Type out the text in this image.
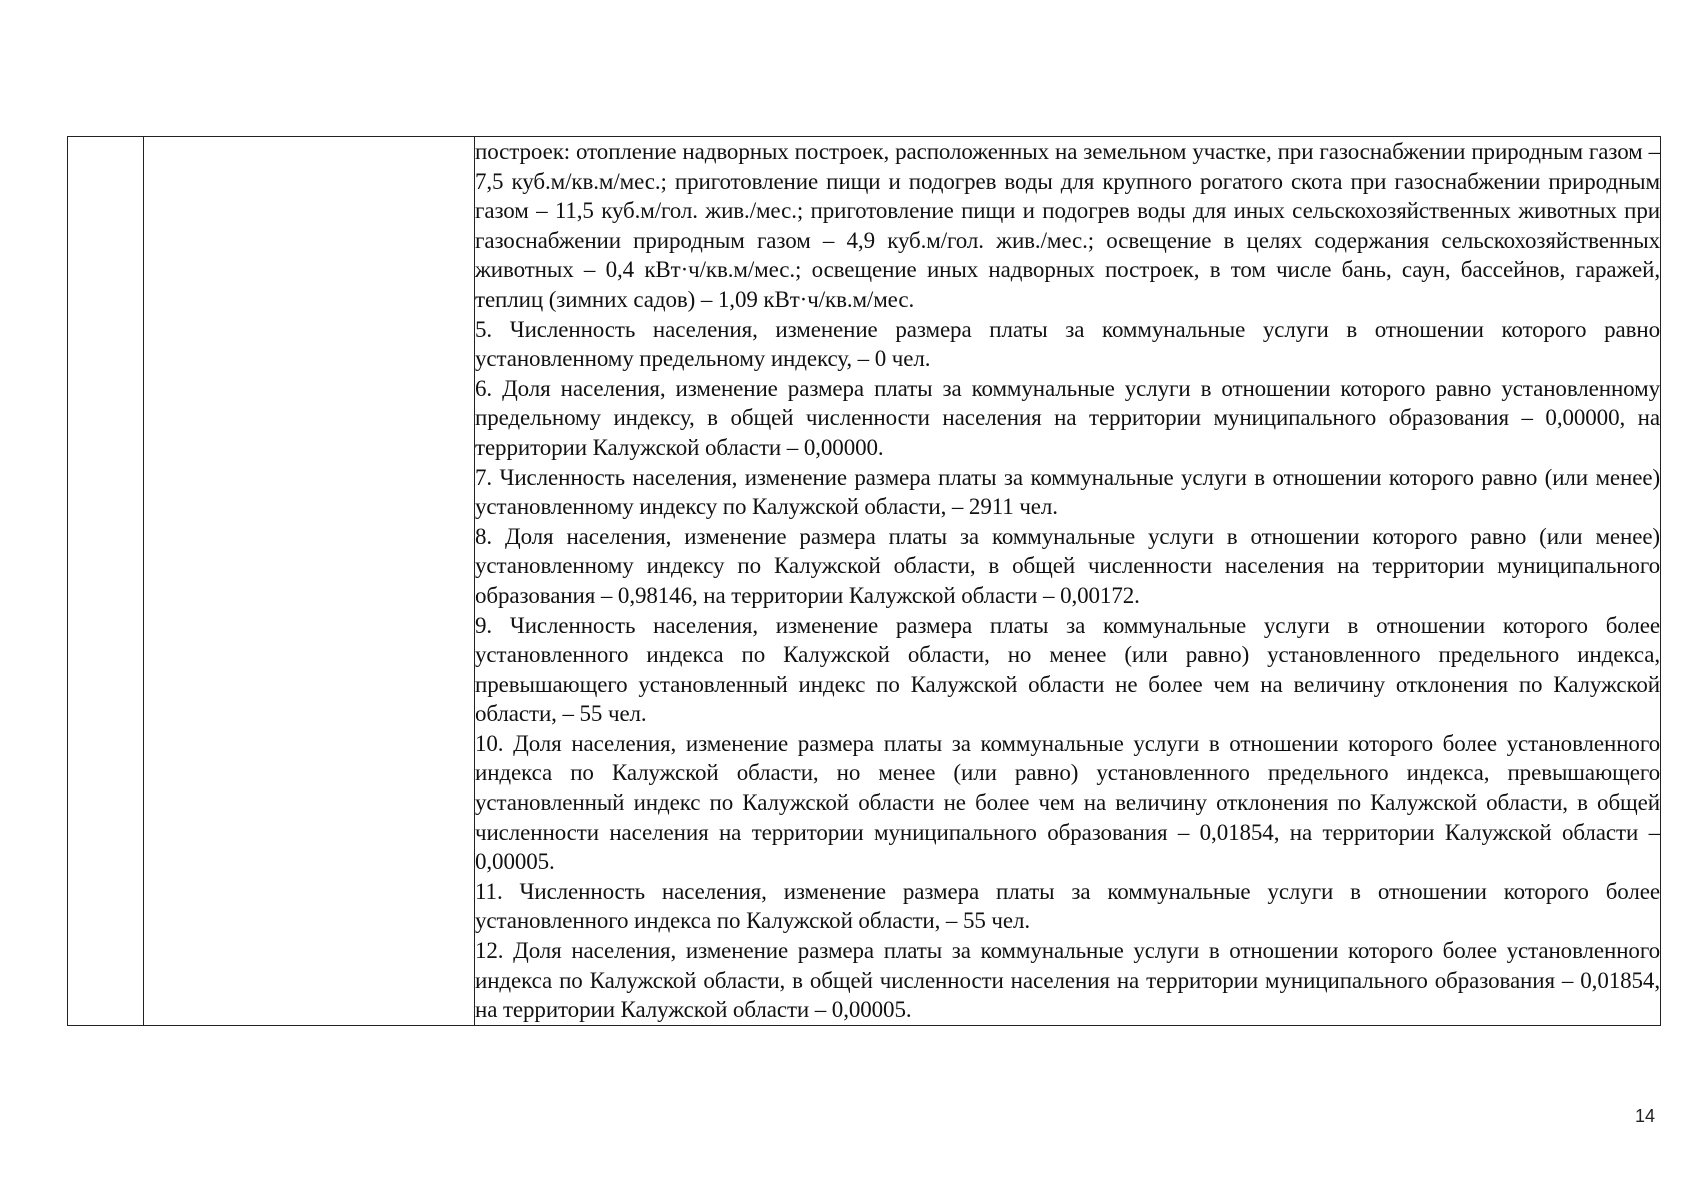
построек: отопление надворных построек, расположенных на земельном участке, при газоснабжении природным газом – 7,5 куб.м/кв.м/мес.; приготовление пищи и подогрев воды для крупного рогатого скота при газоснабжении природным газом – 11,5 куб.м/гол. жив./мес.; приготовление пищи и подогрев воды для иных сельскохозяйственных животных при газоснабжении природным газом – 4,9 куб.м/гол. жив./мес.; освещение в целях содержания сельскохозяйственных животных – 0,4 кВт·ч/кв.м/мес.; освещение иных надворных построек, в том числе бань, саун, бассейнов, гаражей, теплиц (зимних садов) – 1,09 кВт·ч/кв.м/мес.

5. Численность населения, изменение размера платы за коммунальные услуги в отношении которого равно установленному предельному индексу, – 0 чел.

6. Доля населения, изменение размера платы за коммунальные услуги в отношении которого равно установленному предельному индексу, в общей численности населения на территории муниципального образования – 0,00000, на территории Калужской области – 0,00000.

7. Численность населения, изменение размера платы за коммунальные услуги в отношении которого равно (или менее) установленному индексу по Калужской области, – 2911 чел.

8. Доля населения, изменение размера платы за коммунальные услуги в отношении которого равно (или менее) установленному индексу по Калужской области, в общей численности населения на территории муниципального образования – 0,98146, на территории Калужской области – 0,00172.

9. Численность населения, изменение размера платы за коммунальные услуги в отношении которого более установленного индекса по Калужской области, но менее (или равно) установленного предельного индекса, превышающего установленный индекс по Калужской области не более чем на величину отклонения по Калужской области, – 55 чел.

10. Доля населения, изменение размера платы за коммунальные услуги в отношении которого более установленного индекса по Калужской области, но менее (или равно) установленного предельного индекса, превышающего установленный индекс по Калужской области не более чем на величину отклонения по Калужской области, в общей численности населения на территории муниципального образования – 0,01854, на территории Калужской области – 0,00005.

11. Численность населения, изменение размера платы за коммунальные услуги в отношении которого более установленного индекса по Калужской области, – 55 чел.

12. Доля населения, изменение размера платы за коммунальные услуги в отношении которого более установленного индекса по Калужской области, в общей численности населения на территории муниципального образования – 0,01854, на территории Калужской области – 0,00005.

14
